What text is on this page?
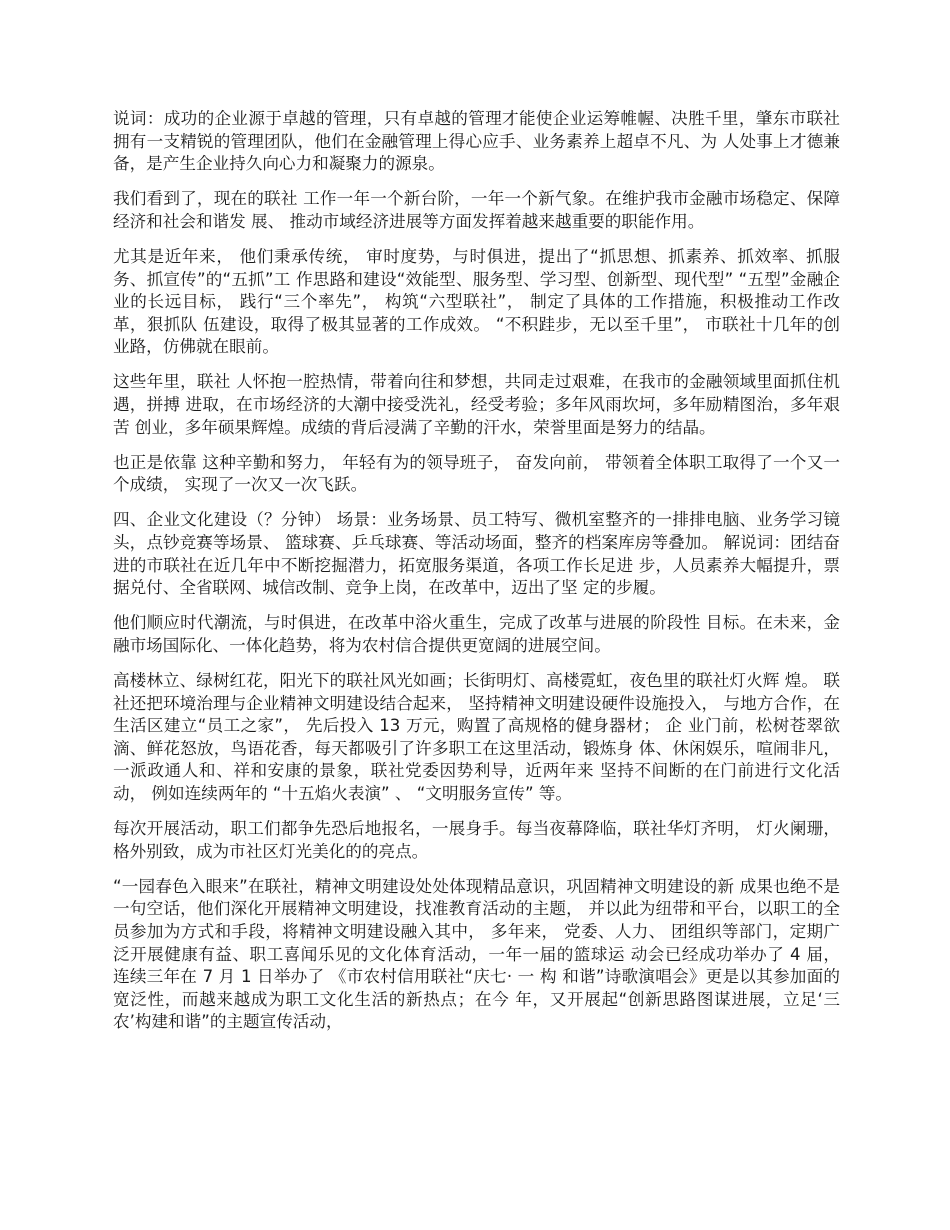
说词：成功的企业源于卓越的管理，只有卓越的管理才能使企业运筹帷幄、决胜千里，肇东市联社拥有一支精锐的管理团队，他们在金融管理上得心应手、业务素养上超卓不凡、为 人处事上才德兼备，是产生企业持久向心力和凝聚力的源泉。

我们看到了，现在的联社 工作一年一个新台阶，一年一个新气象。在维护我市金融市场稳定、保障经济和社会和谐发 展、 推动市域经济进展等方面发挥着越来越重要的职能作用。

尤其是近年来， 他们秉承传统， 审时度势，与时俱进，提出了“抓思想、抓素养、抓效率、抓服务、抓宣传”的“五抓”工 作思路和建设“效能型、服务型、学习型、创新型、现代型” “五型”金融企业的长远目标， 践行“三个率先”， 构筑“六型联社”， 制定了具体的工作措施，积极推动工作改革，狠抓队 伍建设，取得了极其显著的工作成效。 “不积跬步，无以至千里”， 市联社十几年的创业路，仿佛就在眼前。

这些年里，联社 人怀抱一腔热情，带着向往和梦想，共同走过艰难，在我市的金融领域里面抓住机遇，拼搏 进取，在市场经济的大潮中接受洗礼，经受考验；多年风雨坎坷，多年励精图治，多年艰苦 创业，多年硕果辉煌。成绩的背后浸满了辛勤的汗水，荣誉里面是努力的结晶。

也正是依靠 这种辛勤和努力， 年轻有为的领导班子， 奋发向前， 带领着全体职工取得了一个又一个成绩， 实现了一次又一次飞跃。

四、企业文化建设（？分钟） 场景：业务场景、员工特写、微机室整齐的一排排电脑、业务学习镜头，点钞竞赛等场景、 篮球赛、乒乓球赛、等活动场面，整齐的档案库房等叠加。 解说词：团结奋进的市联社在近几年中不断挖掘潜力，拓宽服务渠道，各项工作长足进 步，人员素养大幅提升，票据兑付、全省联网、城信改制、竞争上岗，在改革中，迈出了坚 定的步履。

他们顺应时代潮流，与时俱进，在改革中浴火重生，完成了改革与进展的阶段性 目标。在未来，金融市场国际化、一体化趋势，将为农村信合提供更宽阔的进展空间。

高楼林立、绿树红花，阳光下的联社风光如画；长街明灯、高楼霓虹，夜色里的联社灯火辉 煌。 联社还把环境治理与企业精神文明建设结合起来， 坚持精神文明建设硬件设施投入， 与地方合作，在生活区建立“员工之家”， 先后投入 13 万元，购置了高规格的健身器材； 企 业门前，松树苍翠欲滴、鲜花怒放，鸟语花香，每天都吸引了许多职工在这里活动，锻炼身 体、休闲娱乐，喧闹非凡，一派政通人和、祥和安康的景象，联社党委因势利导，近两年来 坚持不间断的在门前进行文化活动， 例如连续两年的 “十五焰火表演” 、 “文明服务宣传” 等。

每次开展活动，职工们都争先恐后地报名，一展身手。每当夜幕降临，联社华灯齐明， 灯火阑珊，格外别致，成为市社区灯光美化的的亮点。

“一园春色入眼来”在联社，精神文明建设处处体现精品意识，巩固精神文明建设的新 成果也绝不是一句空话，他们深化开展精神文明建设，找准教育活动的主题， 并以此为纽带和平台，以职工的全员参加为方式和手段，将精神文明建设融入其中， 多年来， 党委、人力、 团组织等部门，定期广泛开展健康有益、职工喜闻乐见的文化体育活动，一年一届的篮球运 动会已经成功举办了 4 届， 连续三年在 7 月 1 日举办了 《市农村信用联社“庆七· 一 构 和谐”诗歌演唱会》更是以其参加面的宽泛性，而越来越成为职工文化生活的新热点；在今 年，又开展起“创新思路图谋进展，立足‘三农’构建和谐”的主题宣传活动，
